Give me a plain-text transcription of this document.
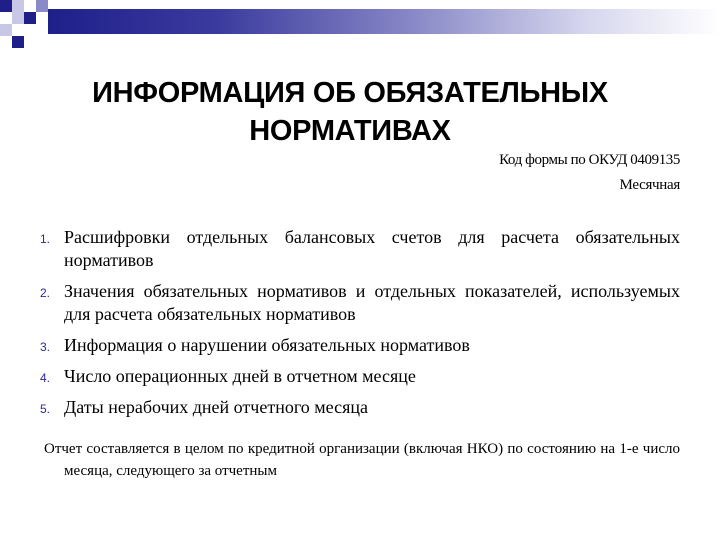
ИНФОРМАЦИЯ ОБ ОБЯЗАТЕЛЬНЫХ НОРМАТИВАХ
Код формы по ОКУД 0409135
Месячная
1. Расшифровки отдельных балансовых счетов для расчета обязательных нормативов
2. Значения обязательных нормативов и отдельных показателей, используемых для расчета обязательных нормативов
3. Информация о нарушении обязательных нормативов
4. Число операционных дней в отчетном месяце
5. Даты нерабочих дней отчетного месяца
Отчет составляется в целом по кредитной организации (включая НКО) по состоянию на 1-е число месяца, следующего за отчетным
